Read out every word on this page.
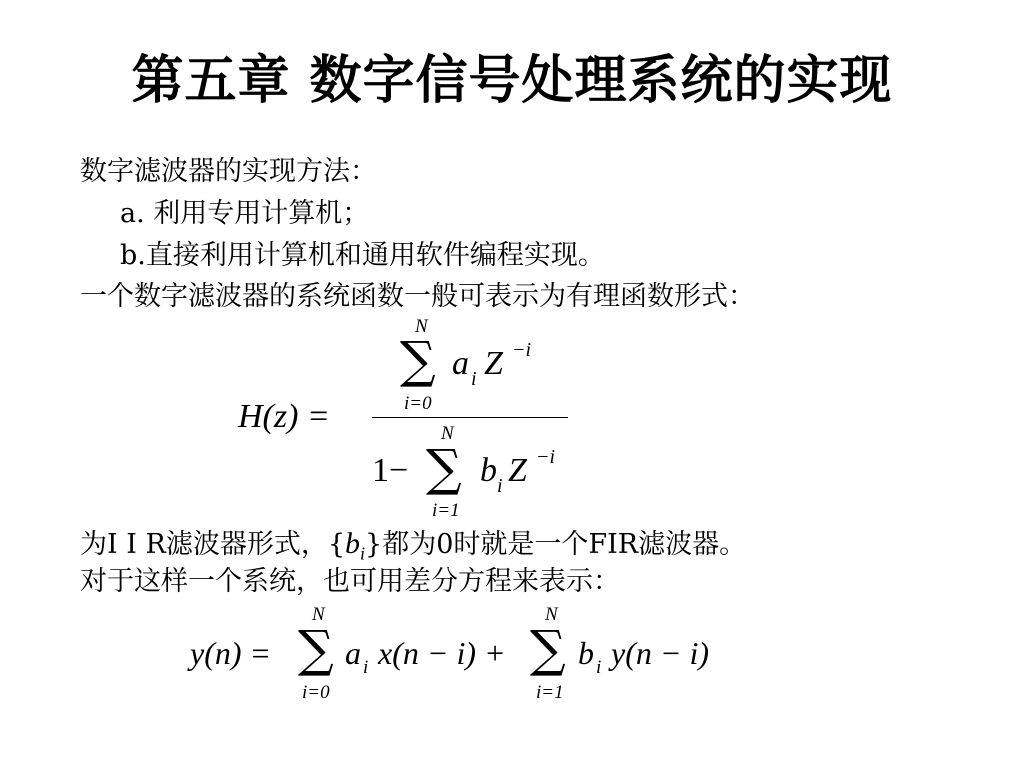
第五章 数字信号处理系统的实现
数字滤波器的实现方法：
a. 利用专用计算机；
b.直接利用计算机和通用软件编程实现。
一个数字滤波器的系统函数一般可表示为有理函数形式：
H(z) =
N
∑
i=0
a i Z −i
N
1− ∑
i=1
b i Z −i
为I I R滤波器形式，$\{b_i\}$都为0时就是一个FIR滤波器。
对于这样一个系统，也可用差分方程来表示：
y(n) =
N
∑
i=0
a i x(n − i) +
N
∑
i=1
b i y(n − i)
